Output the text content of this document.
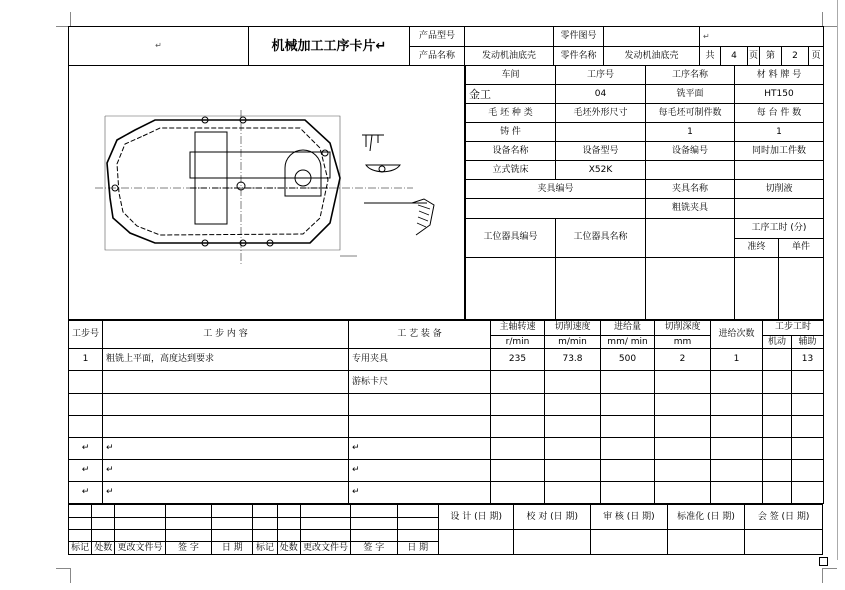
↵	机械加工工序卡片↵	产品型号		零件图号		↵					
		产品名称	发动机油底壳	零件名称	发动机油底壳	共	4	页	第	2	页
车间	工序号	工序名称	材 料 牌 号	
金工	04	铣平面	HT150	
毛 坯 种 类	毛坯外形尺寸	每毛坯可制件数	每 台 件 数	
铸 件		1	1	
设备名称	设备型号	设备编号	同时加工件数	
立式铣床	X52K			
夹具编号		夹具名称	切削液	
		粗铣夹具		
工位器具编号	工位器具名称		工序工时 (分)	
			准终	单件

工步号	工 步 内 容	工 艺 装 备	主轴转速	切削速度	进给量	切削深度	进给次数	工步工时	
			r/min	m/min	mm/ min	mm		机动	辅助
1	粗铣上平面，高度达到要求	专用夹具	235	73.8	500	2	1		13
		游标卡尺							

↵	↵	↵							
↵	↵	↵							
↵	↵	↵							
										设 计 (日 期)	校 对 (日 期)	审 核 (日 期)	标准化 (日 期)	会 签 (日 期)

标记	处数	更改文件号	签 字	日 期	标记	处数	更改文件号	签 字	日 期					
